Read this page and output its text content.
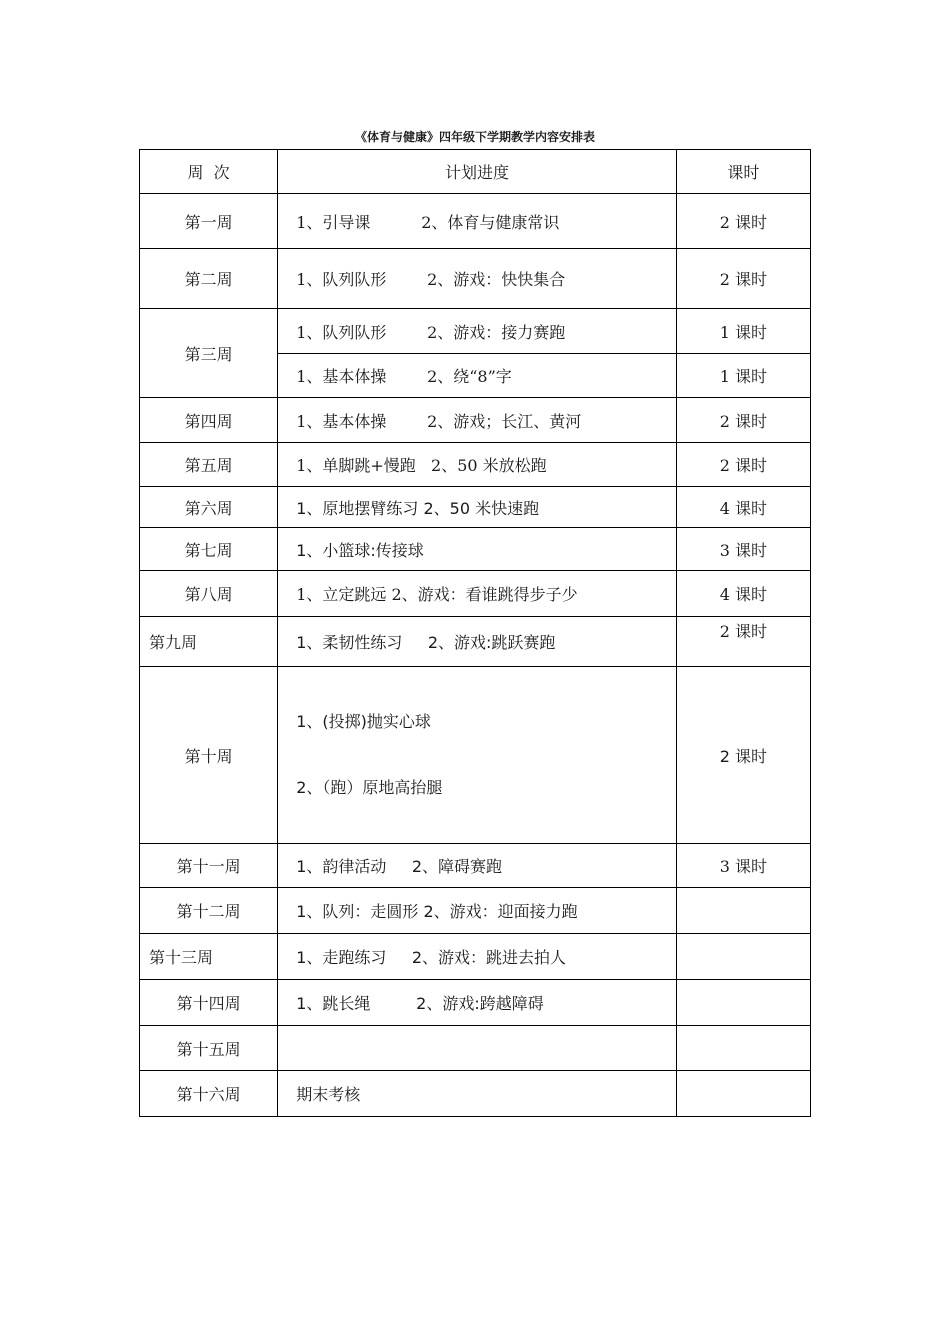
《体育与健康》四年级下学期教学内容安排表
周  次	计划进度	课时
第一周	1、引导课          2、体育与健康常识	2 课时
第二周	1、队列队形        2、游戏：快快集合	2 课时
第三周	1、队列队形        2、游戏：接力赛跑	1 课时
	1、基本体操        2、绕“8”字	1 课时
第四周	1、基本体操        2、游戏；长江、黄河	2 课时
第五周	1、单脚跳+慢跑   2、50 米放松跑	2 课时
第六周	1、原地摆臂练习 2、50 米快速跑	4 课时
第七周	1、小篮球:传接球	3 课时
第八周	1、立定跳远 2、游戏：看谁跳得步子少	4 课时
第九周	1、柔韧性练习     2、游戏:跳跃赛跑	2 课时
第十周	1、(投掷)抛实心球

2、（跑）原地高抬腿	2 课时
第十一周	1、韵律活动     2、障碍赛跑	3 课时
第十二周	1、队列：走圆形 2、游戏：迎面接力跑	
第十三周	1、走跑练习     2、游戏：跳进去拍人	
第十四周	1、跳长绳         2、游戏:跨越障碍	
第十五周		
第十六周	期末考核	
